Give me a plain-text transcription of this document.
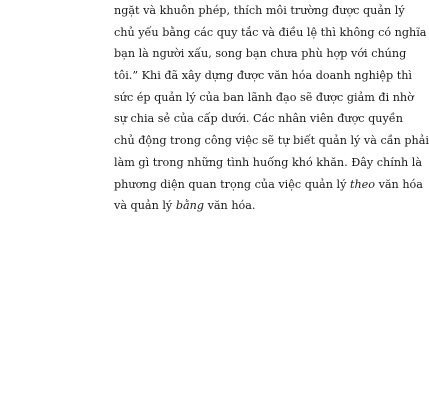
ngặt và khuôn phép, thích môi trường được quản lý
chủ yếu bằng các quy tắc và điều lệ thì không có nghĩa
bạn là người xấu, song bạn chưa phù hợp với chúng
tôi.” Khi đã xây dựng được văn hóa doanh nghiệp thì
sức ép quản lý của ban lãnh đạo sẽ được giảm đi nhờ
sự chia sẻ của cấp dưới. Các nhân viên được quyền
chủ động trong công việc sẽ tự biết quản lý và cần phải
làm gì trong những tình huống khó khăn. Đây chính là
phương diện quan trọng của việc quản lý theo văn hóa
và quản lý bằng văn hóa.
